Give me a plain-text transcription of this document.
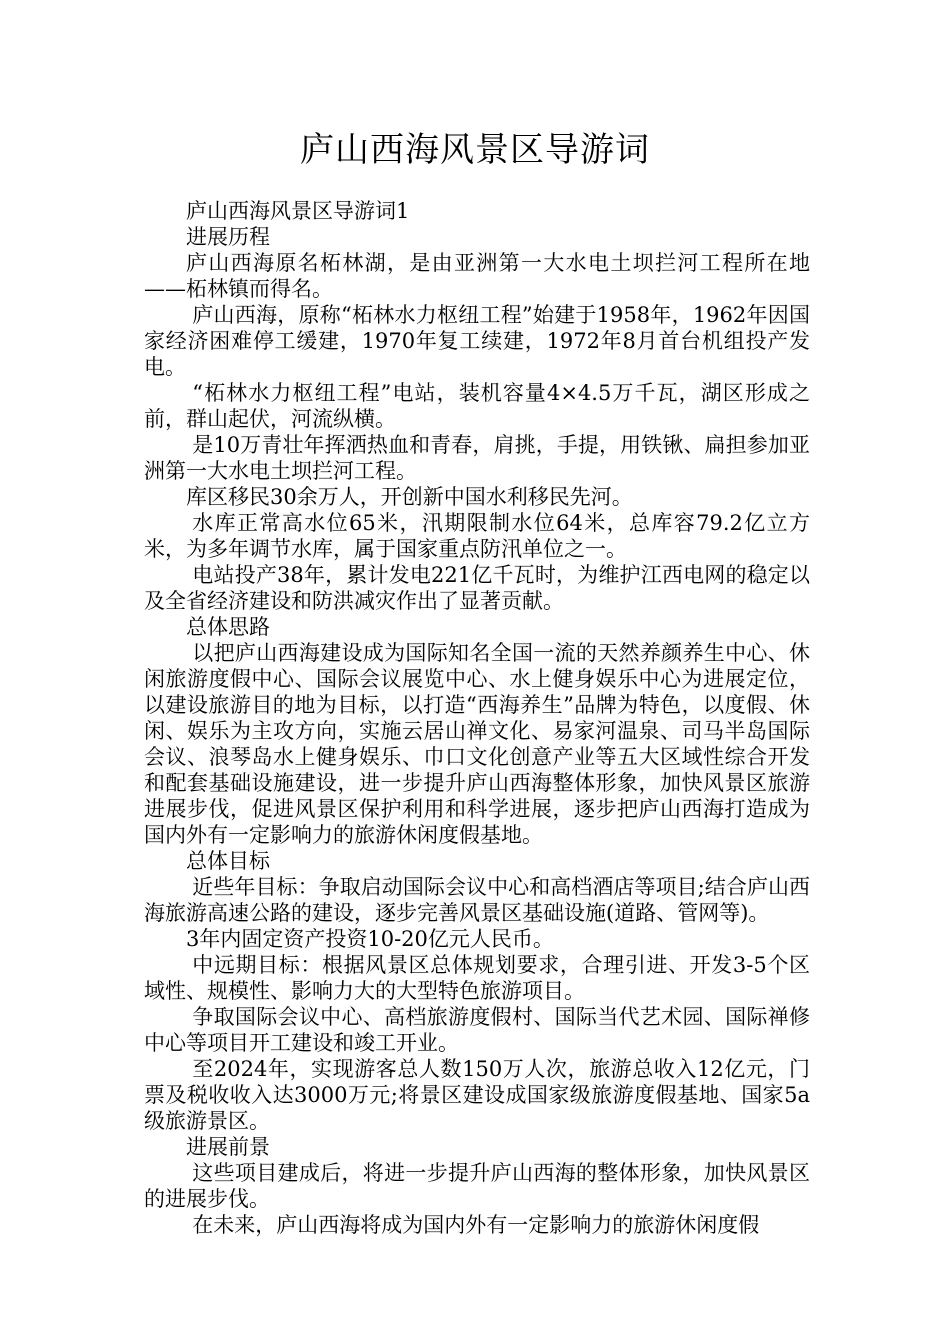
庐山西海风景区导游词

庐山西海风景区导游词1

进展历程

庐山西海原名柘林湖，是由亚洲第一大水电土坝拦河工程所在地——柘林镇而得名。

庐山西海，原称“柘林水力枢纽工程”始建于1958年，1962年因国家经济困难停工缓建，1970年复工续建，1972年8月首台机组投产发电。

“柘林水力枢纽工程”电站，装机容量4×4.5万千瓦，湖区形成之前，群山起伏，河流纵横。

是10万青壮年挥洒热血和青春，肩挑，手提，用铁锹、扁担参加亚洲第一大水电土坝拦河工程。

库区移民30余万人，开创新中国水利移民先河。

水库正常高水位65米，汛期限制水位64米，总库容79.2亿立方米，为多年调节水库，属于国家重点防汛单位之一。

电站投产38年，累计发电221亿千瓦时，为维护江西电网的稳定以及全省经济建设和防洪减灾作出了显著贡献。

总体思路

以把庐山西海建设成为国际知名全国一流的天然养颜养生中心、休闲旅游度假中心、国际会议展览中心、水上健身娱乐中心为进展定位，以建设旅游目的地为目标，以打造“西海养生”品牌为特色，以度假、休闲、娱乐为主攻方向，实施云居山禅文化、易家河温泉、司马半岛国际会议、浪琴岛水上健身娱乐、巾口文化创意产业等五大区域性综合开发和配套基础设施建设，进一步提升庐山西海整体形象，加快风景区旅游进展步伐，促进风景区保护利用和科学进展，逐步把庐山西海打造成为国内外有一定影响力的旅游休闲度假基地。

总体目标

近些年目标：争取启动国际会议中心和高档酒店等项目;结合庐山西海旅游高速公路的建设，逐步完善风景区基础设施(道路、管网等)。

3年内固定资产投资10-20亿元人民币。

中远期目标：根据风景区总体规划要求，合理引进、开发3-5个区域性、规模性、影响力大的大型特色旅游项目。

争取国际会议中心、高档旅游度假村、国际当代艺术园、国际禅修中心等项目开工建设和竣工开业。

至2024年，实现游客总人数150万人次，旅游总收入12亿元，门票及税收收入达3000万元;将景区建设成国家级旅游度假基地、国家5a级旅游景区。

进展前景

这些项目建成后，将进一步提升庐山西海的整体形象，加快风景区的进展步伐。

在未来，庐山西海将成为国内外有一定影响力的旅游休闲度假
